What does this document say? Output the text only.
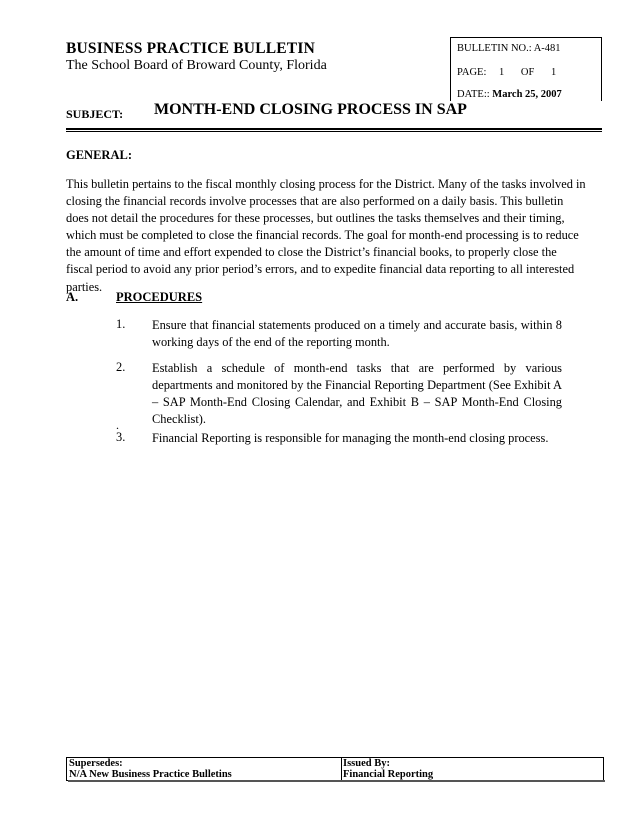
BUSINESS PRACTICE BULLETIN
The School Board of Broward County, Florida
BULLETIN NO.: A-481
PAGE: 1 OF 1
DATE:: March 25, 2007
SUBJECT: MONTH-END CLOSING PROCESS IN SAP
GENERAL:
This bulletin pertains to the fiscal monthly closing process for the District. Many of the tasks involved in closing the financial records involve processes that are also performed on a daily basis. This bulletin does not detail the procedures for these processes, but outlines the tasks themselves and their timing, which must be completed to close the financial records. The goal for month-end processing is to reduce the amount of time and effort expended to close the District’s financial books, to properly close the fiscal period to avoid any prior period’s errors, and to expedite financial data reporting to all interested parties.
A.	PROCEDURES
1. Ensure that financial statements produced on a timely and accurate basis, within 8 working days of the end of the reporting month.
2. Establish a schedule of month-end tasks that are performed by various departments and monitored by the Financial Reporting Department (See Exhibit A – SAP Month-End Closing Calendar, and Exhibit B – SAP Month-End Closing Checklist).
.
3. Financial Reporting is responsible for managing the month-end closing process.
Supersedes:
N/A New Business Practice Bulletins
Issued By:
Financial Reporting
